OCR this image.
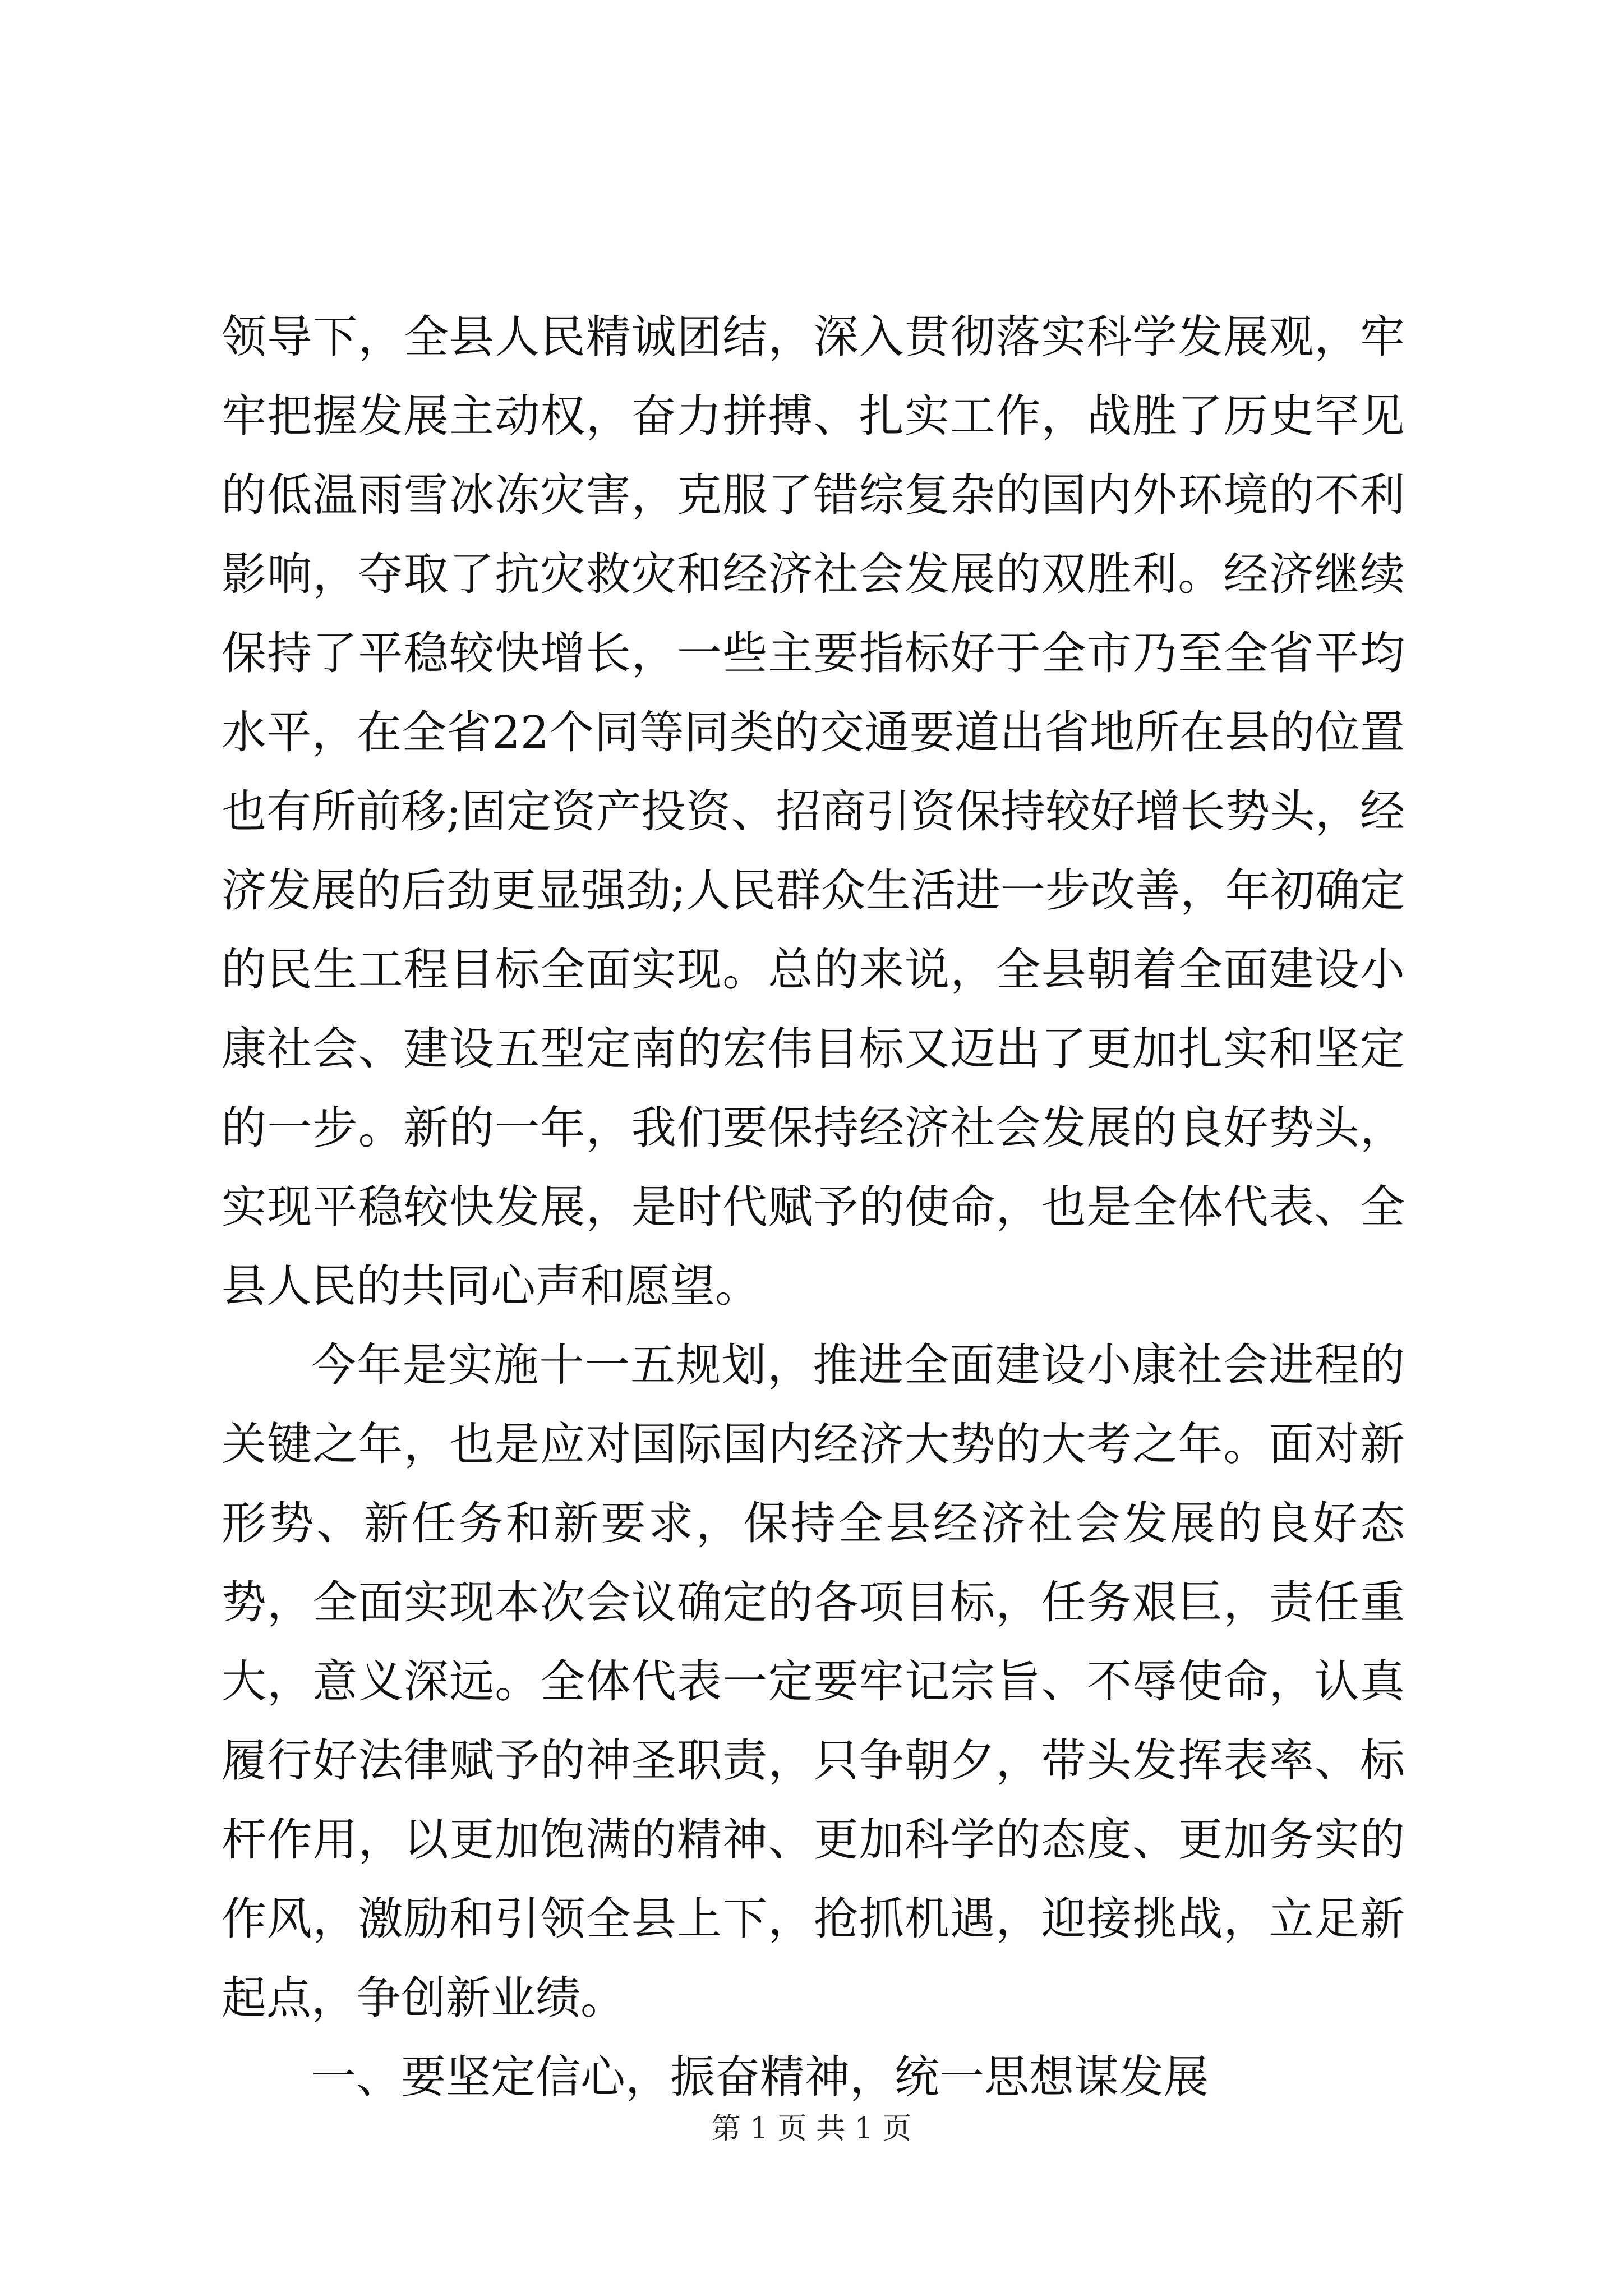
领导下，全县人民精诚团结，深入贯彻落实科学发展观，牢牢把握发展主动权，奋力拼搏、扎实工作，战胜了历史罕见的低温雨雪冰冻灾害，克服了错综复杂的国内外环境的不利影响，夺取了抗灾救灾和经济社会发展的双胜利。经济继续保持了平稳较快增长，一些主要指标好于全市乃至全省平均水平，在全省22个同等同类的交通要道出省地所在县的位置也有所前移;固定资产投资、招商引资保持较好增长势头，经济发展的后劲更显强劲;人民群众生活进一步改善，年初确定的民生工程目标全面实现。总的来说，全县朝着全面建设小康社会、建设五型定南的宏伟目标又迈出了更加扎实和坚定的一步。新的一年，我们要保持经济社会发展的良好势头，实现平稳较快发展，是时代赋予的使命，也是全体代表、全县人民的共同心声和愿望。

今年是实施十一五规划，推进全面建设小康社会进程的关键之年，也是应对国际国内经济大势的大考之年。面对新形势、新任务和新要求，保持全县经济社会发展的良好态势，全面实现本次会议确定的各项目标，任务艰巨，责任重大，意义深远。全体代表一定要牢记宗旨、不辱使命，认真履行好法律赋予的神圣职责，只争朝夕，带头发挥表率、标杆作用，以更加饱满的精神、更加科学的态度、更加务实的作风，激励和引领全县上下，抢抓机遇，迎接挑战，立足新起点，争创新业绩。

一、要坚定信心，振奋精神，统一思想谋发展

第 1 页 共 1 页
